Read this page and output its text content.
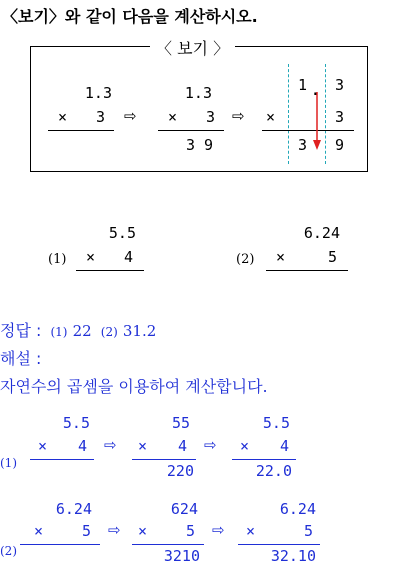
〈보기〉와 같이 다음을 계산하시오.
〈 보기 〉
1.3
× 3 ⇨
1.3
× 3
3 9
⇨
1 . 3
×	3
3 9
5.5
(1) × 4
6.24
(2) ×	5
정답 : (1) 22 (2) 31.2
해설 :
자연수의 곱셈을 이용하여 계산합니다.
(1)
5.5
× 4 ⇨
55
× 4
220
⇨
5.5
× 4
22.0
(2)
6.24
×	5 ⇨
624
×	5
3210
⇨
6.24
×	5
32.10
